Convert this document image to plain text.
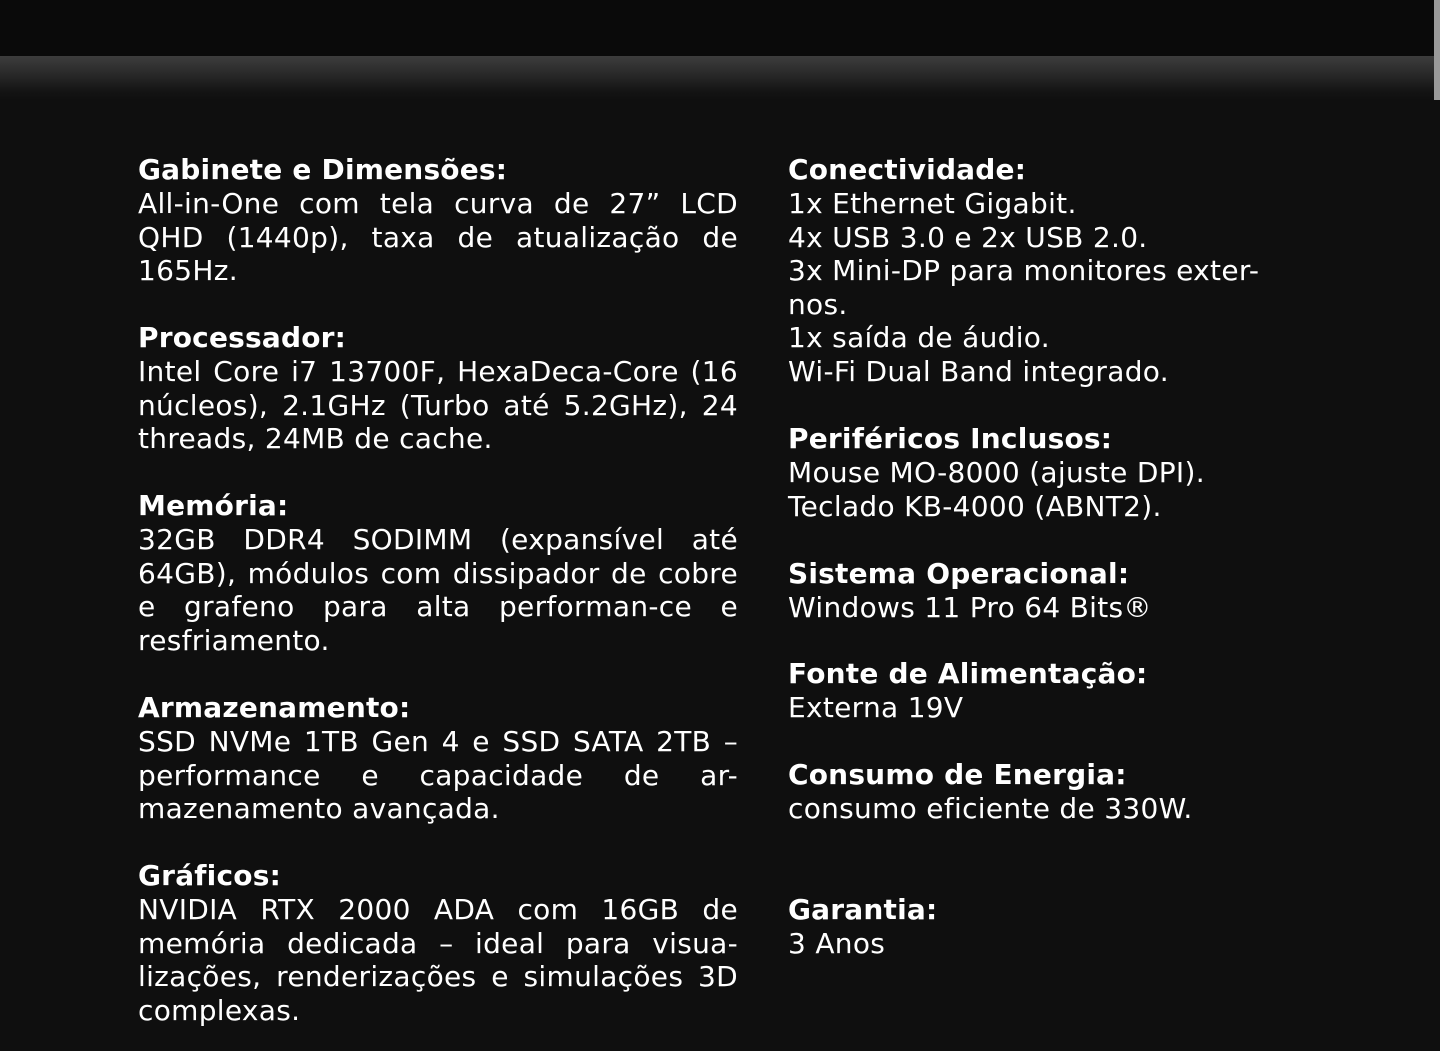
Gabinete e Dimensões:
All-in-One com tela curva de 27” LCD QHD (1440p), taxa de atualização de 165Hz.
Processador:
Intel Core i7 13700F, HexaDeca-Core (16 núcleos), 2.1GHz (Turbo até 5.2GHz), 24 threads, 24MB de cache.
Memória:
32GB DDR4 SODIMM (expansível até 64GB), módulos com dissipador de cobre e grafeno para alta performan-ce e resfriamento.
Armazenamento:
SSD NVMe 1TB Gen 4 e SSD SATA 2TB – performance e capacidade de ar-mazenamento avançada.
Gráficos:
NVIDIA RTX 2000 ADA com 16GB de memória dedicada – ideal para visua-lizações, renderizações e simulações 3D complexas.
Conectividade:
1x Ethernet Gigabit.
4x USB 3.0 e 2x USB 2.0.
3x Mini-DP para monitores exter-
nos.
1x saída de áudio.
Wi-Fi Dual Band integrado.
Periféricos Inclusos:
Mouse MO-8000 (ajuste DPI).
Teclado KB-4000 (ABNT2).
Sistema Operacional:
Windows 11 Pro 64 Bits®
Fonte de Alimentação:
Externa 19V
Consumo de Energia:
consumo eficiente de 330W.
Garantia:
3 Anos
